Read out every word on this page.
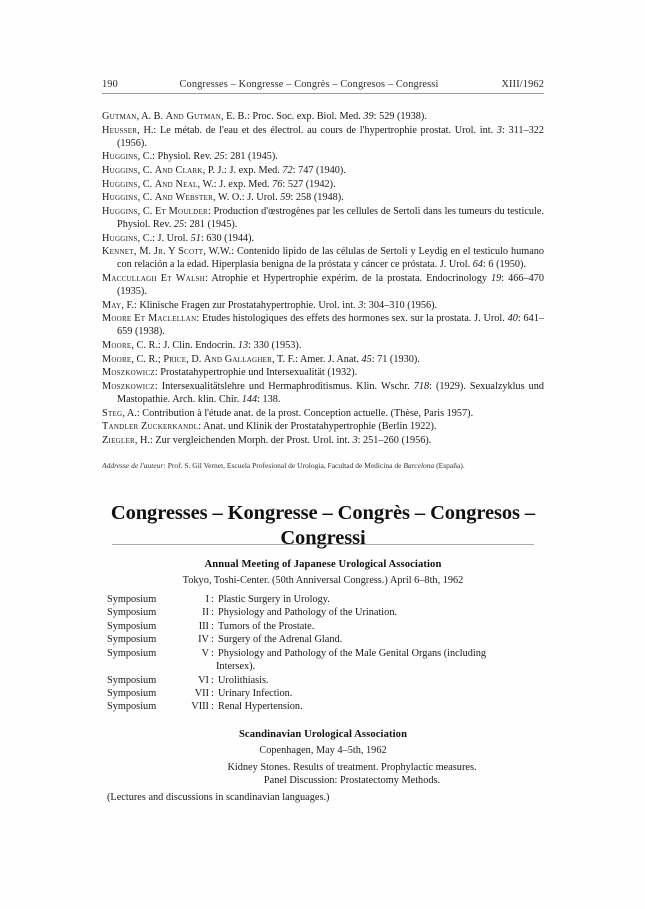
190	Congresses – Kongresse – Congrès – Congresos – Congressi	XIII/1962

Gutman, A. B. And Gutman, E. B.: Proc. Soc. exp. Biol. Med. 39: 529 (1938).

Heusser, H.: Le métab. de l'eau et des électrol. au cours de l'hypertrophie prostat. Urol. int. 3: 311–322 (1956).

Huggins, C.: Physiol. Rev. 25: 281 (1945).

Huggins, C. And Clark, P. J.: J. exp. Med. 72: 747 (1940).

Huggins, C. And Neal, W.: J. exp. Med. 76: 527 (1942).

Huggins, C. And Webster, W. O.: J. Urol. 59: 258 (1948).

Huggins, C. Et Moulder: Production d'œstrogènes par les cellules de Sertoli dans les tumeurs du testicule. Physiol. Rev. 25: 281 (1945).

Huggins, C.: J. Urol. 51: 630 (1944).

Kennet, M. Jr. Y Scott, W.W.: Contenido lipido de las células de Sertoli y Leydig en el testiculo humano con relación a la edad. Hiperplasia benigna de la próstata y cáncer ce próstata. J. Urol. 64: 6 (1950).

Maccullagh Et Walsh: Atrophie et Hypertrophie expérim. de la prostata. Endocrinology 19: 466–470 (1935).

May, F.: Klinische Fragen zur Prostatahypertrophie. Urol. int. 3: 304–310 (1956).

Moore Et Maclellan: Etudes histologiques des effets des hormones sex. sur la prostata. J. Urol. 40: 641–659 (1938).

Moore, C. R.: J. Clin. Endocrin. 13: 330 (1953).

Moore, C. R.; Price, D. And Gallagher, T. F.: Amer. J. Anat. 45: 71 (1930).

Moszkowicz: Prostatahypertrophie und Intersexualität (1932).

Moszkowicz: Intersexualitätslehre und Hermaphroditismus. Klin. Wschr. 718: (1929). Sexualzyklus und Mastopathie. Arch. klin. Chir. 144: 138.

Steg, A.: Contribution à l'étude anat. de la prost. Conception actuelle. (Thèse, Paris 1957).

Tandler Zuckerkandl: Anat. und Klinik der Prostatahypertrophie (Berlin 1922).

Ziegler, H.: Zur vergleichenden Morph. der Prost. Urol. int. 3: 251–260 (1956).

Addresse de l'auteur: Prof. S. Gil Vernet, Escuela Profesional de Urologia, Facultad de Medicina de Barcelona (España).
Congresses – Kongresse – Congrès – Congresos –
Congressi
Annual Meeting of Japanese Urological Association
Tokyo, Toshi-Center. (50th Anniversal Congress.) April 6–8th, 1962
Symposium	I : Plastic Surgery in Urology.
Symposium	II : Physiology and Pathology of the Urination.
Symposium	III : Tumors of the Prostate.
Symposium	IV : Surgery of the Adrenal Gland.
Symposium	V : Physiology and Pathology of the Male Genital Organs (including
Intersex).
Symposium	VI : Urolithiasis.
Symposium	VII : Urinary Infection.
Symposium	VIII : Renal Hypertension.
Scandinavian Urological Association
Copenhagen, May 4–5th, 1962
Kidney Stones. Results of treatment. Prophylactic measures.
Panel Discussion: Prostatectomy Methods.
(Lectures and discussions in scandinavian languages.)
